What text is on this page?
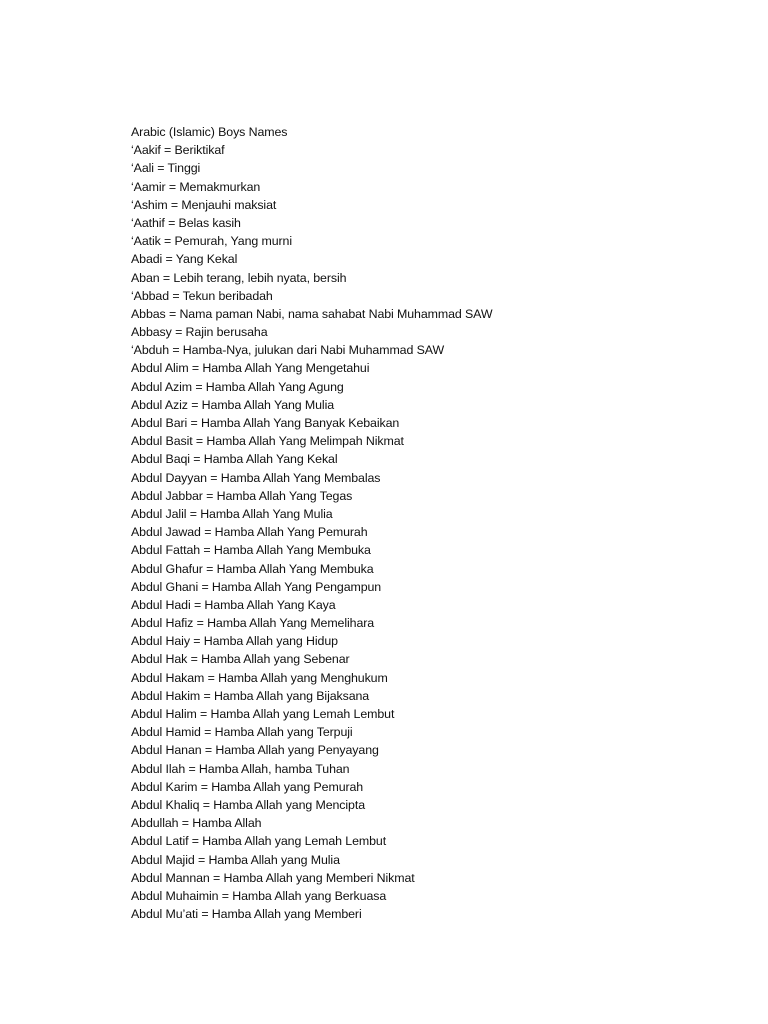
Arabic (Islamic) Boys Names
‘Aakif = Beriktikaf
‘Aali = Tinggi
‘Aamir = Memakmurkan
‘Ashim = Menjauhi maksiat
‘Aathif = Belas kasih
‘Aatik = Pemurah, Yang murni
Abadi = Yang Kekal
Aban = Lebih terang, lebih nyata, bersih
‘Abbad = Tekun beribadah
Abbas = Nama paman Nabi, nama sahabat Nabi Muhammad SAW
Abbasy = Rajin berusaha
‘Abduh = Hamba-Nya, julukan dari Nabi Muhammad SAW
Abdul Alim = Hamba Allah Yang Mengetahui
Abdul Azim = Hamba Allah Yang Agung
Abdul Aziz = Hamba Allah Yang Mulia
Abdul Bari = Hamba Allah Yang Banyak Kebaikan
Abdul Basit = Hamba Allah Yang Melimpah Nikmat
Abdul Baqi = Hamba Allah Yang Kekal
Abdul Dayyan = Hamba Allah Yang Membalas
Abdul Jabbar = Hamba Allah Yang Tegas
Abdul Jalil = Hamba Allah Yang Mulia
Abdul Jawad = Hamba Allah Yang Pemurah
Abdul Fattah = Hamba Allah Yang Membuka
Abdul Ghafur = Hamba Allah Yang Membuka
Abdul Ghani = Hamba Allah Yang Pengampun
Abdul Hadi = Hamba Allah Yang Kaya
Abdul Hafiz = Hamba Allah Yang Memelihara
Abdul Haiy = Hamba Allah yang Hidup
Abdul Hak = Hamba Allah yang Sebenar
Abdul Hakam = Hamba Allah yang Menghukum
Abdul Hakim = Hamba Allah yang Bijaksana
Abdul Halim = Hamba Allah yang Lemah Lembut
Abdul Hamid = Hamba Allah yang Terpuji
Abdul Hanan = Hamba Allah yang Penyayang
Abdul Ilah = Hamba Allah, hamba Tuhan
Abdul Karim = Hamba Allah yang Pemurah
Abdul Khaliq = Hamba Allah yang Mencipta
Abdullah = Hamba Allah
Abdul Latif = Hamba Allah yang Lemah Lembut
Abdul Majid = Hamba Allah yang Mulia
Abdul Mannan = Hamba Allah yang Memberi Nikmat
Abdul Muhaimin = Hamba Allah yang Berkuasa
Abdul Mu’ati = Hamba Allah yang Memberi
